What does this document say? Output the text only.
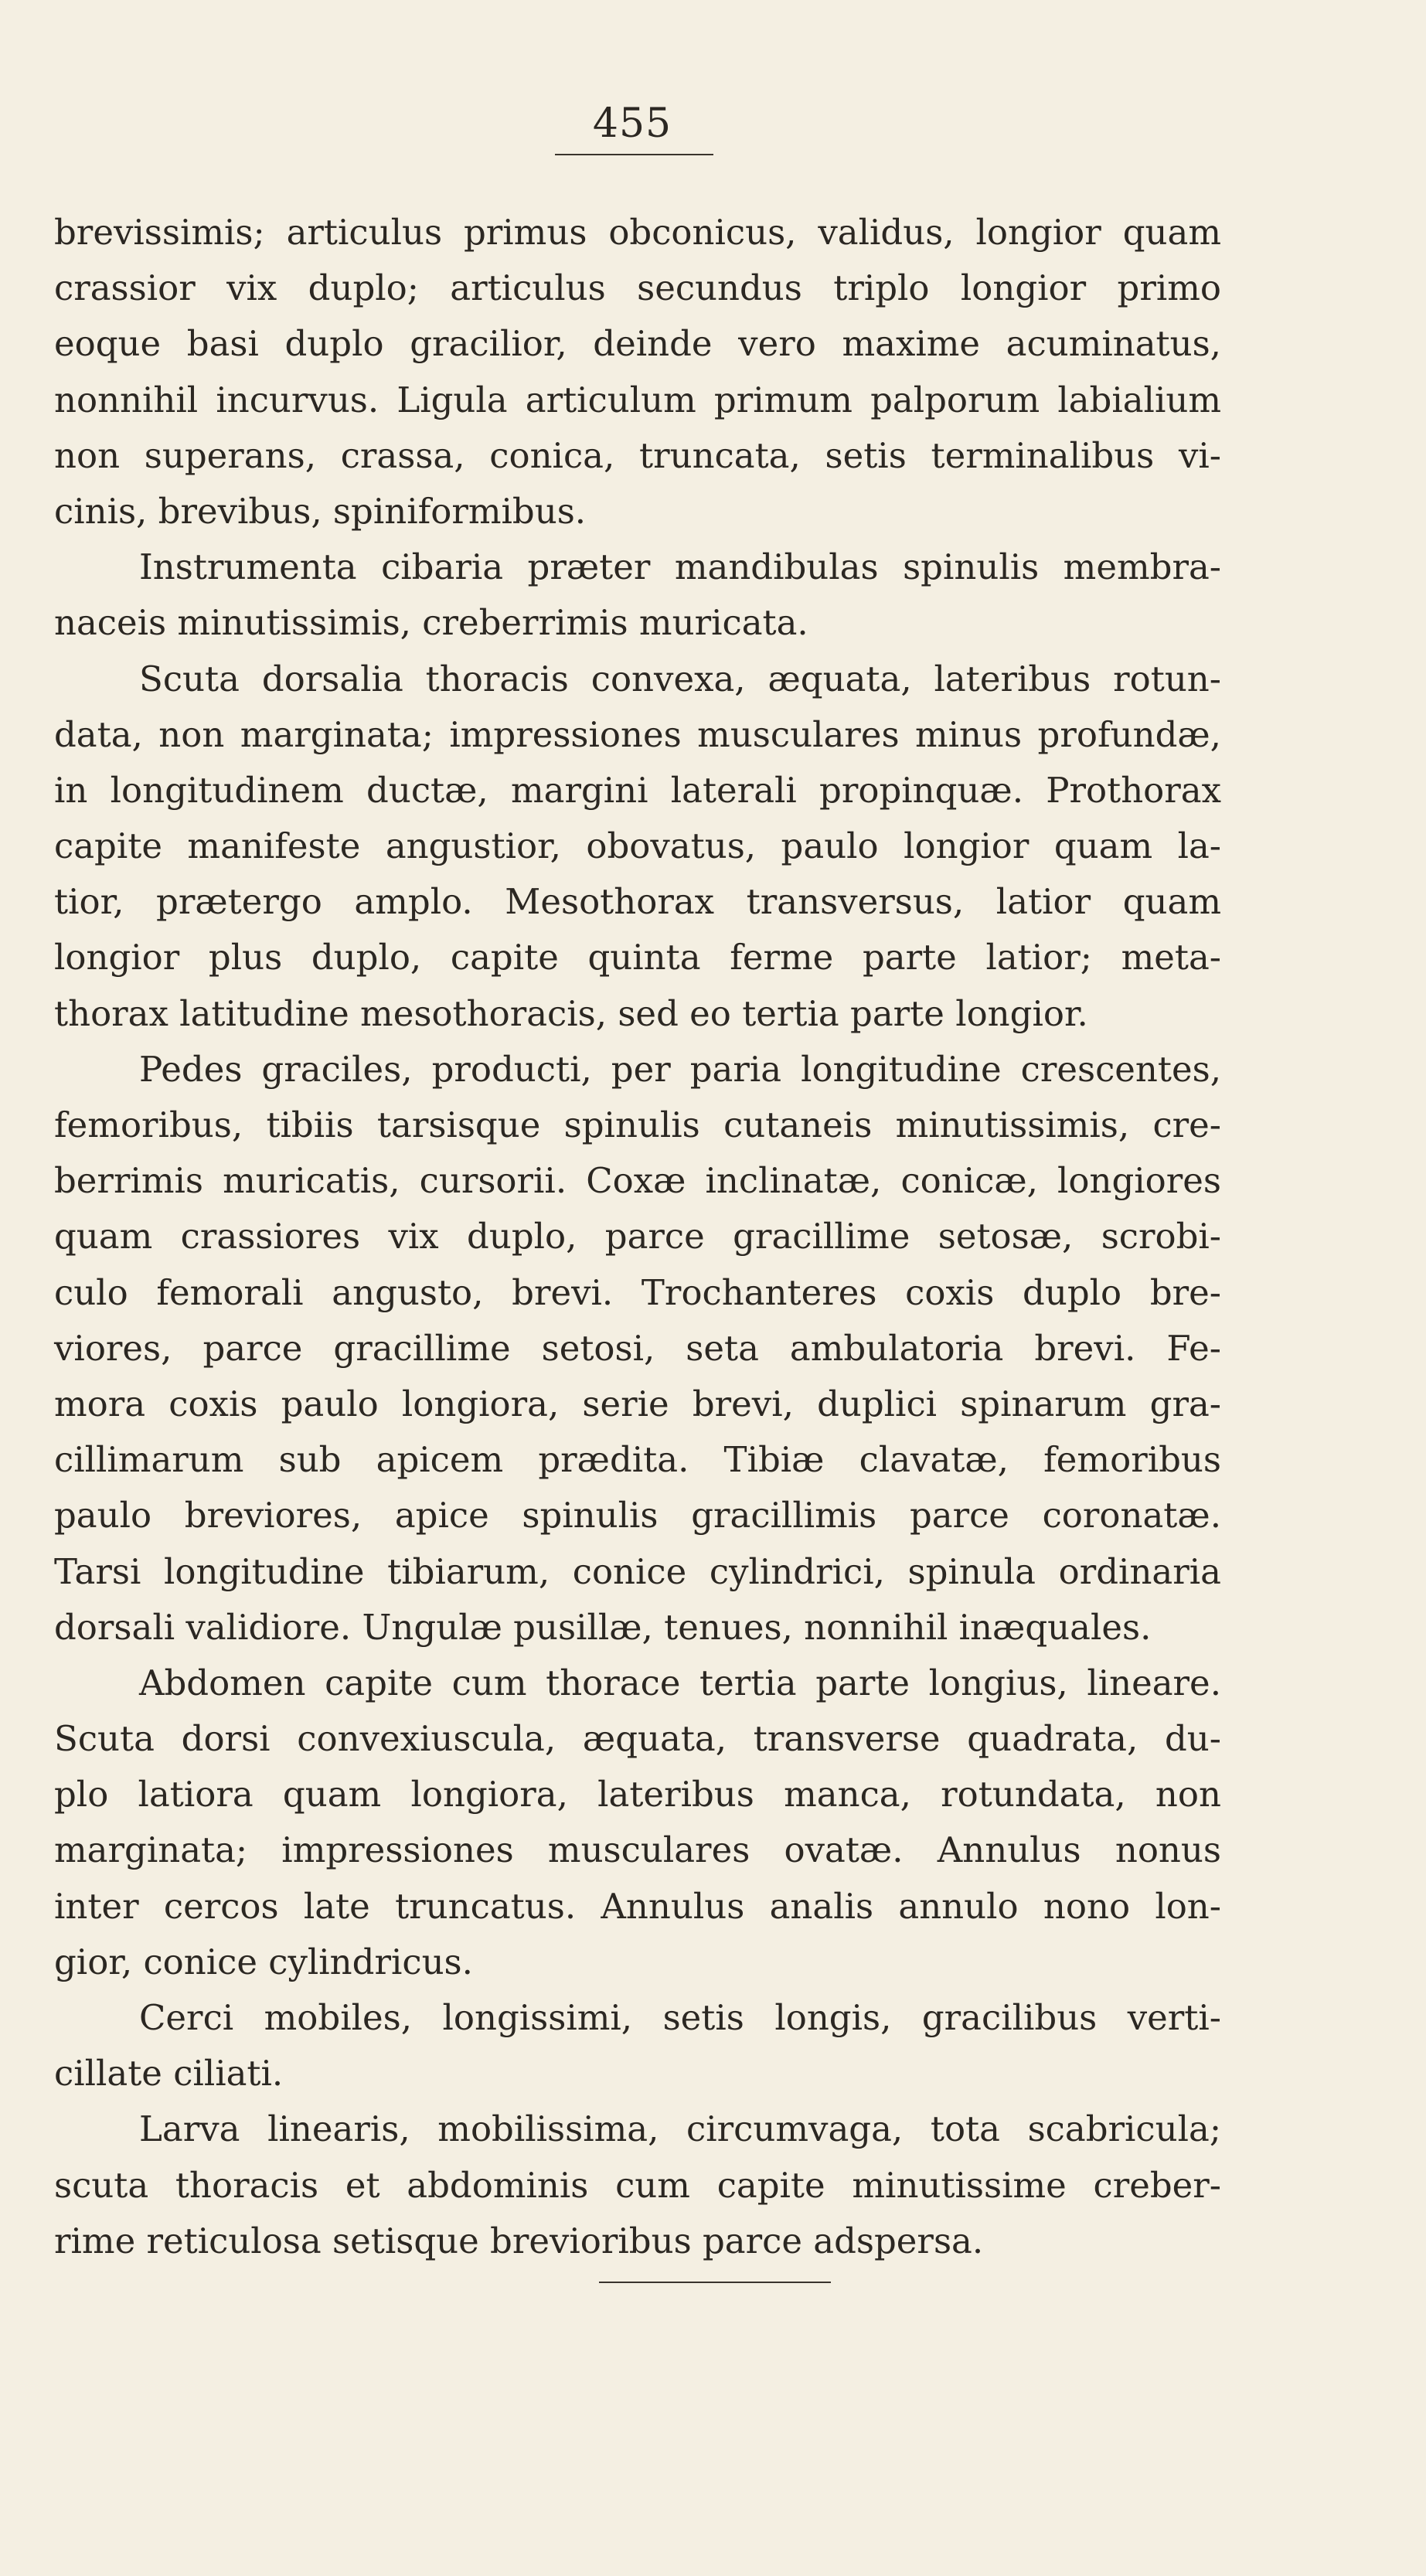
455
brevissimis; articulus primus obconicus, validus, longior quam
crassior vix duplo; articulus secundus triplo longior primo
eoque basi duplo gracilior, deinde vero maxime acuminatus,
nonnihil incurvus. Ligula articulum primum palporum labialium
non superans, crassa, conica, truncata, setis terminalibus vi-
cinis, brevibus, spiniformibus.
Instrumenta cibaria præter mandibulas spinulis membra-
naceis minutissimis, creberrimis muricata.
Scuta dorsalia thoracis convexa, æquata, lateribus rotun-
data, non marginata; impressiones musculares minus profundæ,
in longitudinem ductæ, margini laterali propinquæ. Prothorax
capite manifeste angustior, obovatus, paulo longior quam la-
tior, prætergo amplo. Mesothorax transversus, latior quam
longior plus duplo, capite quinta ferme parte latior; meta-
thorax latitudine mesothoracis, sed eo tertia parte longior.
Pedes graciles, producti, per paria longitudine crescentes,
femoribus, tibiis tarsisque spinulis cutaneis minutissimis, cre-
berrimis muricatis, cursorii. Coxæ inclinatæ, conicæ, longiores
quam crassiores vix duplo, parce gracillime setosæ, scrobi-
culo femorali angusto, brevi. Trochanteres coxis duplo bre-
viores, parce gracillime setosi, seta ambulatoria brevi. Fe-
mora coxis paulo longiora, serie brevi, duplici spinarum gra-
cillimarum sub apicem prædita. Tibiæ clavatæ, femoribus
paulo breviores, apice spinulis gracillimis parce coronatæ.
Tarsi longitudine tibiarum, conice cylindrici, spinula ordinaria
dorsali validiore. Ungulæ pusillæ, tenues, nonnihil inæquales.
Abdomen capite cum thorace tertia parte longius, lineare.
Scuta dorsi convexiuscula, æquata, transverse quadrata, du-
plo latiora quam longiora, lateribus manca, rotundata, non
marginata; impressiones musculares ovatæ. Annulus nonus
inter cercos late truncatus. Annulus analis annulo nono lon-
gior, conice cylindricus.
Cerci mobiles, longissimi, setis longis, gracilibus verti-
cillate ciliati.
Larva linearis, mobilissima, circumvaga, tota scabricula;
scuta thoracis et abdominis cum capite minutissime creber-
rime reticulosa setisque brevioribus parce adspersa.
